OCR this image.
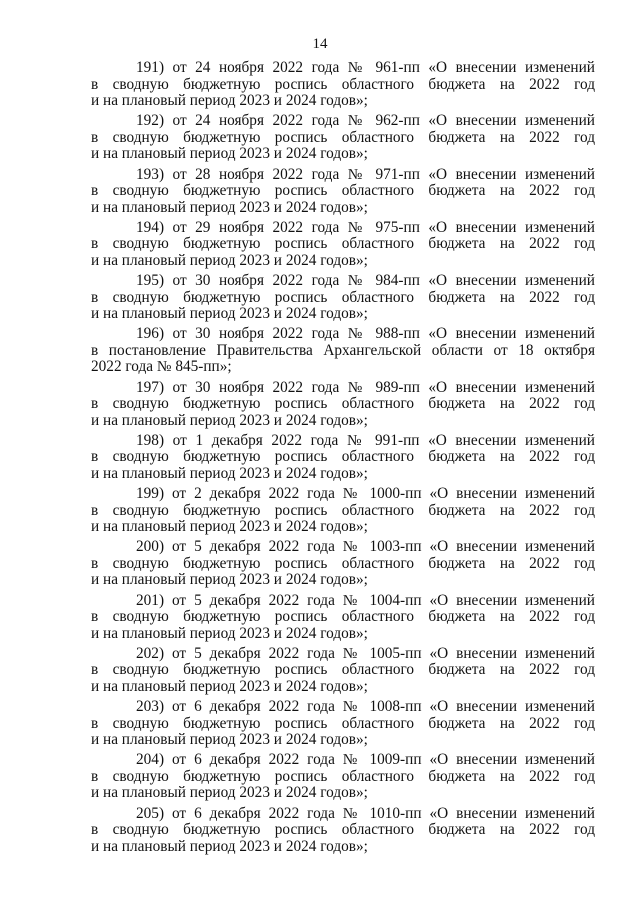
14
191) от 24 ноября 2022 года № 961-пп «О внесении изменений
в сводную бюджетную роспись областного бюджета на 2022 год
и на плановый период 2023 и 2024 годов»;
192) от 24 ноября 2022 года № 962-пп «О внесении изменений
в сводную бюджетную роспись областного бюджета на 2022 год
и на плановый период 2023 и 2024 годов»;
193) от 28 ноября 2022 года № 971-пп «О внесении изменений
в сводную бюджетную роспись областного бюджета на 2022 год
и на плановый период 2023 и 2024 годов»;
194) от 29 ноября 2022 года № 975-пп «О внесении изменений
в сводную бюджетную роспись областного бюджета на 2022 год
и на плановый период 2023 и 2024 годов»;
195) от 30 ноября 2022 года № 984-пп «О внесении изменений
в сводную бюджетную роспись областного бюджета на 2022 год
и на плановый период 2023 и 2024 годов»;
196) от 30 ноября 2022 года № 988-пп «О внесении изменений
в постановление Правительства Архангельской области от 18 октября
2022 года № 845-пп»;
197) от 30 ноября 2022 года № 989-пп «О внесении изменений
в сводную бюджетную роспись областного бюджета на 2022 год
и на плановый период 2023 и 2024 годов»;
198) от 1 декабря 2022 года № 991-пп «О внесении изменений
в сводную бюджетную роспись областного бюджета на 2022 год
и на плановый период 2023 и 2024 годов»;
199) от 2 декабря 2022 года № 1000-пп «О внесении изменений
в сводную бюджетную роспись областного бюджета на 2022 год
и на плановый период 2023 и 2024 годов»;
200) от 5 декабря 2022 года № 1003-пп «О внесении изменений
в сводную бюджетную роспись областного бюджета на 2022 год
и на плановый период 2023 и 2024 годов»;
201) от 5 декабря 2022 года № 1004-пп «О внесении изменений
в сводную бюджетную роспись областного бюджета на 2022 год
и на плановый период 2023 и 2024 годов»;
202) от 5 декабря 2022 года № 1005-пп «О внесении изменений
в сводную бюджетную роспись областного бюджета на 2022 год
и на плановый период 2023 и 2024 годов»;
203) от 6 декабря 2022 года № 1008-пп «О внесении изменений
в сводную бюджетную роспись областного бюджета на 2022 год
и на плановый период 2023 и 2024 годов»;
204) от 6 декабря 2022 года № 1009-пп «О внесении изменений
в сводную бюджетную роспись областного бюджета на 2022 год
и на плановый период 2023 и 2024 годов»;
205) от 6 декабря 2022 года № 1010-пп «О внесении изменений
в сводную бюджетную роспись областного бюджета на 2022 год
и на плановый период 2023 и 2024 годов»;
